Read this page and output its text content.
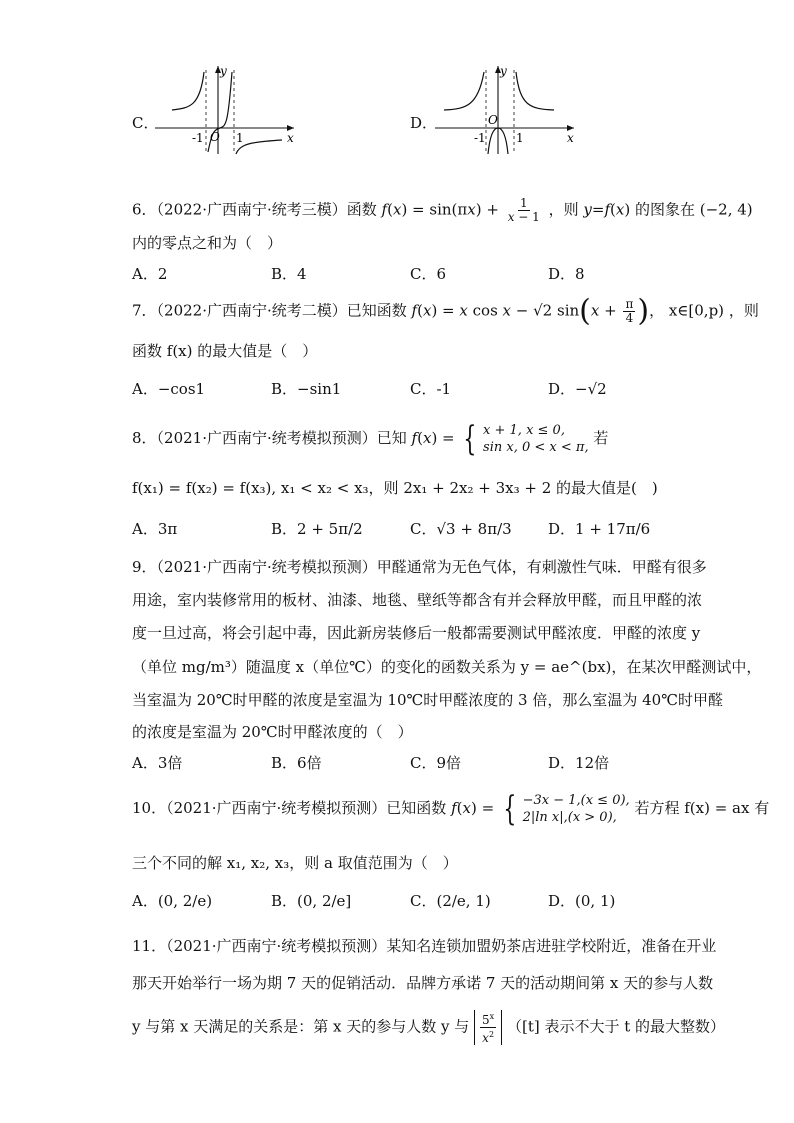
C．
y
x
O
-1	1
D．
y
x
O
-1	1
6．（2022·广西南宁·统考三模）函数 $f(x) = \sin(\pi x) + \frac{1}{x - 1}$ ，则 y=f(x) 的图象在 (−2, 4)
内的零点之和为（　）
A．2	B．4	C．6	D．8
7．（2022·广西南宁·统考二模）已知函数 f(x) = x cos x − √2 $\sin(x + \frac{\pi}{4}$ )， x∈[0,p) ，则
函数 f(x) 的最大值是（　）
A．−cos1	B．−sin1	C．-1	D．−√2
8．（2021·广西南宁·统考模拟预测）已知 f(x) = { x + 1, x ≤ 0,
sin x, 0 < x < π,
若
f(x₁) = f(x₂) = f(x₃), x₁ < x₂ < x₃，则 2x₁ + 2x₂ + 3x₃ + 2 的最大值是(　)
A．3π	B．2 + 5π/2	C．√3 + 8π/3 D．1 + 17π/6
9．（2021·广西南宁·统考模拟预测）甲醛通常为无色气体，有刺激性气味．甲醛有很多
用途，室内装修常用的板材、油漆、地毯、壁纸等都含有并会释放甲醛，而且甲醛的浓
度一旦过高，将会引起中毒，因此新房装修后一般都需要测试甲醛浓度．甲醛的浓度 y
（单位 mg/m³）随温度 x（单位℃）的变化的函数关系为 y = ae^(bx)，在某次甲醛测试中，
当室温为 20℃时甲醛的浓度是室温为 10℃时甲醛浓度的 3 倍，那么室温为 40℃时甲醛
的浓度是室温为 20℃时甲醛浓度的（　）
A．3倍	B．6倍	C．9倍	D．12倍
10．（2021·广西南宁·统考模拟预测）已知函数 f(x) = { −3x − 1,(x ≤ 0),
2|ln x|,(x > 0),
若方程 f(x) = ax 有
三个不同的解 x₁, x₂, x₃，则 a 取值范围为（　）
A．(0, 2/e)	B．(0, 2/e]	C．(2/e, 1)	D．(0, 1)
11．（2021·广西南宁·统考模拟预测）某知名连锁加盟奶茶店进驻学校附近，准备在开业
那天开始举行一场为期 7 天的促销活动．品牌方承诺 7 天的活动期间第 x 天的参与人数
y 与第 x 天满足的关系是：第 x 天的参与人数 y 与 $\frac{5^x}{x^2} ([t]$ 表示不大于 t 的最大整数）
